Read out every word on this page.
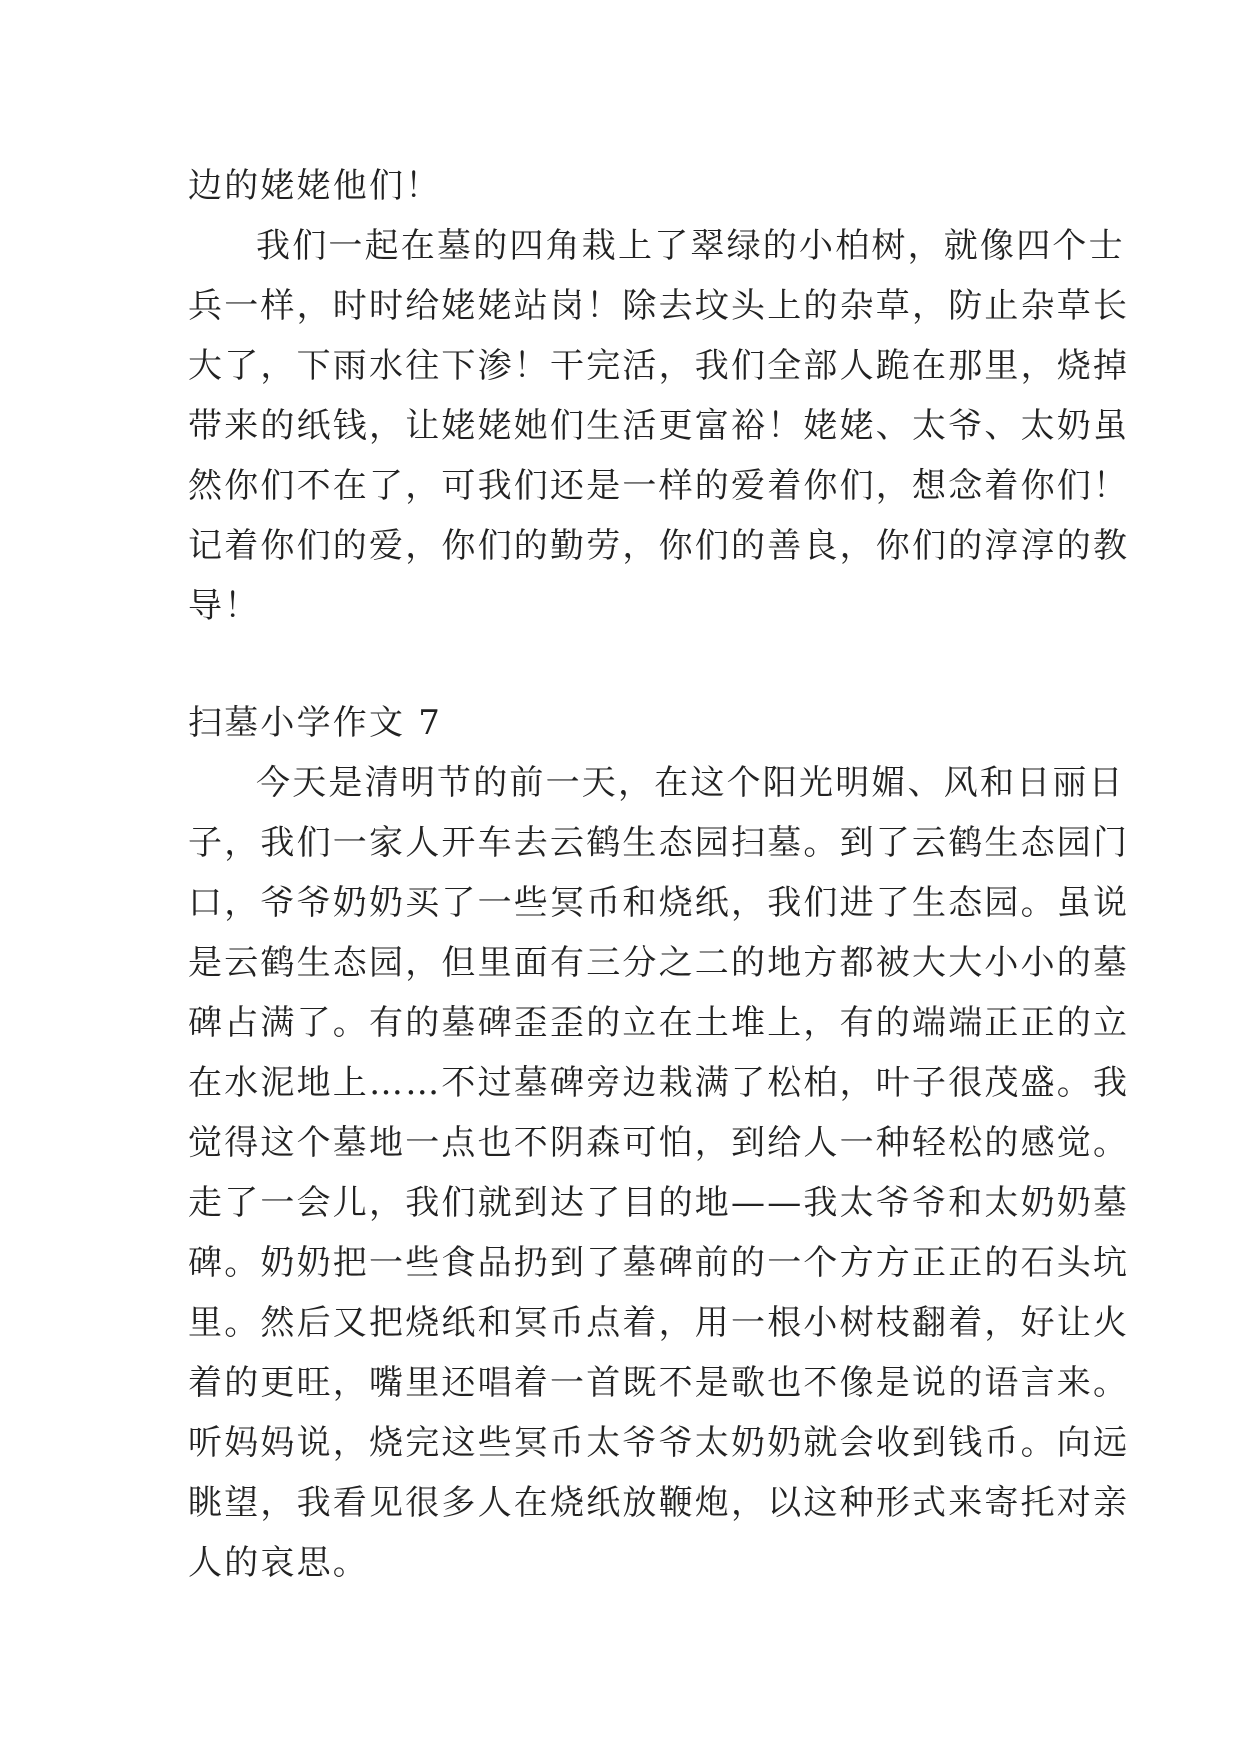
边的姥姥他们！
我们一起在墓的四角栽上了翠绿的小柏树，就像四个士
兵一样，时时给姥姥站岗！除去坟头上的杂草，防止杂草长
大了，下雨水往下渗！干完活，我们全部人跪在那里，烧掉
带来的纸钱，让姥姥她们生活更富裕！姥姥、太爷、太奶虽
然你们不在了，可我们还是一样的爱着你们，想念着你们！
记着你们的爱，你们的勤劳，你们的善良，你们的淳淳的教
导！
扫墓小学作文 7
今天是清明节的前一天，在这个阳光明媚、风和日丽日
子，我们一家人开车去云鹤生态园扫墓。到了云鹤生态园门
口，爷爷奶奶买了一些冥币和烧纸，我们进了生态园。虽说
是云鹤生态园，但里面有三分之二的地方都被大大小小的墓
碑占满了。有的墓碑歪歪的立在土堆上，有的端端正正的立
在水泥地上……不过墓碑旁边栽满了松柏，叶子很茂盛。我
觉得这个墓地一点也不阴森可怕，到给人一种轻松的感觉。
走了一会儿，我们就到达了目的地——我太爷爷和太奶奶墓
碑。奶奶把一些食品扔到了墓碑前的一个方方正正的石头坑
里。然后又把烧纸和冥币点着，用一根小树枝翻着，好让火
着的更旺，嘴里还唱着一首既不是歌也不像是说的语言来。
听妈妈说，烧完这些冥币太爷爷太奶奶就会收到钱币。向远
眺望，我看见很多人在烧纸放鞭炮，以这种形式来寄托对亲
人的哀思。
